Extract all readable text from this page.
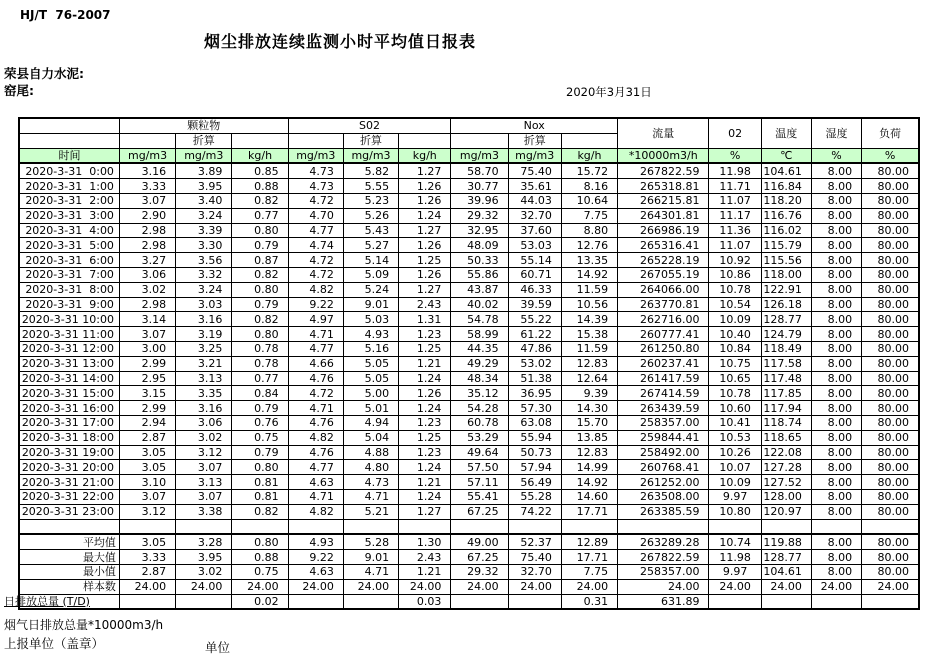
HJ/T  76-2007
烟尘排放连续监测小时平均值日报表
荣县自力水泥:
窑尾:	2020年3月31日
	颗粒物			S02			Nox			流量	02	温度	湿度	负荷
		折算			折算			折算						
时间	mg/m3	mg/m3	kg/h	mg/m3	mg/m3	kg/h	mg/m3	mg/m3	kg/h	*10000m3/h	%	℃	%	%
2020-3-31  0:00	3.16	3.89	0.85	4.73	5.82	1.27	58.70	75.40	15.72	267822.59	11.98	104.61	8.00	80.00
2020-3-31  1:00	3.33	3.95	0.88	4.73	5.55	1.26	30.77	35.61	8.16	265318.81	11.71	116.84	8.00	80.00
2020-3-31  2:00	3.07	3.40	0.82	4.72	5.23	1.26	39.96	44.03	10.64	266215.81	11.07	118.20	8.00	80.00
2020-3-31  3:00	2.90	3.24	0.77	4.70	5.26	1.24	29.32	32.70	7.75	264301.81	11.17	116.76	8.00	80.00
2020-3-31  4:00	2.98	3.39	0.80	4.77	5.43	1.27	32.95	37.60	8.80	266986.19	11.36	116.02	8.00	80.00
2020-3-31  5:00	2.98	3.30	0.79	4.74	5.27	1.26	48.09	53.03	12.76	265316.41	11.07	115.79	8.00	80.00
2020-3-31  6:00	3.27	3.56	0.87	4.72	5.14	1.25	50.33	55.14	13.35	265228.19	10.92	115.56	8.00	80.00
2020-3-31  7:00	3.06	3.32	0.82	4.72	5.09	1.26	55.86	60.71	14.92	267055.19	10.86	118.00	8.00	80.00
2020-3-31  8:00	3.02	3.24	0.80	4.82	5.24	1.27	43.87	46.33	11.59	264066.00	10.78	122.91	8.00	80.00
2020-3-31  9:00	2.98	3.03	0.79	9.22	9.01	2.43	40.02	39.59	10.56	263770.81	10.54	126.18	8.00	80.00
2020-3-31 10:00	3.14	3.16	0.82	4.97	5.03	1.31	54.78	55.22	14.39	262716.00	10.09	128.77	8.00	80.00
2020-3-31 11:00	3.07	3.19	0.80	4.71	4.93	1.23	58.99	61.22	15.38	260777.41	10.40	124.79	8.00	80.00
2020-3-31 12:00	3.00	3.25	0.78	4.77	5.16	1.25	44.35	47.86	11.59	261250.80	10.84	118.49	8.00	80.00
2020-3-31 13:00	2.99	3.21	0.78	4.66	5.05	1.21	49.29	53.02	12.83	260237.41	10.75	117.58	8.00	80.00
2020-3-31 14:00	2.95	3.13	0.77	4.76	5.05	1.24	48.34	51.38	12.64	261417.59	10.65	117.48	8.00	80.00
2020-3-31 15:00	3.15	3.35	0.84	4.72	5.00	1.26	35.12	36.95	9.39	267414.59	10.78	117.85	8.00	80.00
2020-3-31 16:00	2.99	3.16	0.79	4.71	5.01	1.24	54.28	57.30	14.30	263439.59	10.60	117.94	8.00	80.00
2020-3-31 17:00	2.94	3.06	0.76	4.76	4.94	1.23	60.78	63.08	15.70	258357.00	10.41	118.74	8.00	80.00
2020-3-31 18:00	2.87	3.02	0.75	4.82	5.04	1.25	53.29	55.94	13.85	259844.41	10.53	118.65	8.00	80.00
2020-3-31 19:00	3.05	3.12	0.79	4.76	4.88	1.23	49.64	50.73	12.83	258492.00	10.26	122.08	8.00	80.00
2020-3-31 20:00	3.05	3.07	0.80	4.77	4.80	1.24	57.50	57.94	14.99	260768.41	10.07	127.28	8.00	80.00
2020-3-31 21:00	3.10	3.13	0.81	4.63	4.73	1.21	57.11	56.49	14.92	261252.00	10.09	127.52	8.00	80.00
2020-3-31 22:00	3.07	3.07	0.81	4.71	4.71	1.24	55.41	55.28	14.60	263508.00	9.97	128.00	8.00	80.00
2020-3-31 23:00	3.12	3.38	0.82	4.82	5.21	1.27	67.25	74.22	17.71	263385.59	10.80	120.97	8.00	80.00

平均值	3.05	3.28	0.80	4.93	5.28	1.30	49.00	52.37	12.89	263289.28	10.74	119.88	8.00	80.00
最大值	3.33	3.95	0.88	9.22	9.01	2.43	67.25	75.40	17.71	267822.59	11.98	128.77	8.00	80.00
最小值	2.87	3.02	0.75	4.63	4.71	1.21	29.32	32.70	7.75	258357.00	9.97	104.61	8.00	80.00
样本数	24.00	24.00	24.00	24.00	24.00	24.00	24.00	24.00	24.00	24.00	24.00	24.00	24.00	24.00

日排放总量 (T/D)			0.02			0.03			0.31	631.89				
烟气日排放总量*10000m3/h
上报单位（盖章）	单位
